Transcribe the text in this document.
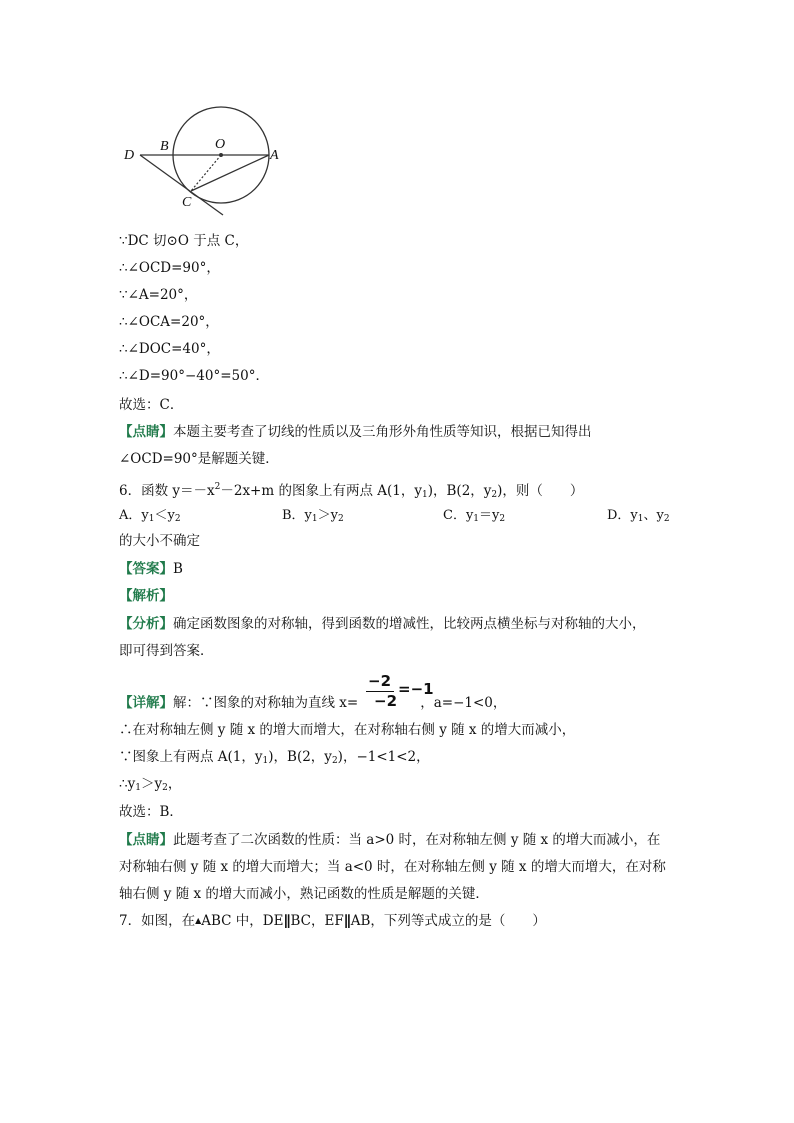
D
B	O
A
C
∵DC 切⊙O 于点 C，
∴∠OCD=90°，
∵∠A=20°，
∴∠OCA=20°，
∴∠DOC=40°，
∴∠D=90°−40°=50°．
故选：C．
【点睛】本题主要考查了切线的性质以及三角形外角性质等知识，根据已知得出
∠OCD=90°是解题关键．
6．函数 $y=-x^2-2x+m$ 的图象上有两点 A(1，$y_1$)，B(2，$y_2$)，则（　　）
A．$y_1<y_2$	B．$y_1>y_2$	C．$y_1=y_2$	D．$y_1$、$y_2$
的大小不确定
【答案】B
【解析】
【分析】确定函数图象的对称轴，得到函数的增减性，比较两点横坐标与对称轴的大小，
即可得到答案．
−2
−2
=−1
【详解】解：∵图象的对称轴为直线 x=	，a=−1<0，
∴在对称轴左侧 y 随 x 的增大而增大，在对称轴右侧 y 随 x 的增大而减小，
∵图象上有两点 A(1，$y_1$)，B(2，$y_2$)，−1<1<2，
$\therefore y_1>y_2$，
故选：B．
【点睛】此题考查了二次函数的性质：当 a>0 时，在对称轴左侧 y 随 x 的增大而减小，在
对称轴右侧 y 随 x 的增大而增大；当 a<0 时，在对称轴左侧 y 随 x 的增大而增大，在对称
轴右侧 y 随 x 的增大而减小，熟记函数的性质是解题的关键．
7．如图，在▲ABC 中，DE∥BC，EF∥AB，下列等式成立的是（　　）
